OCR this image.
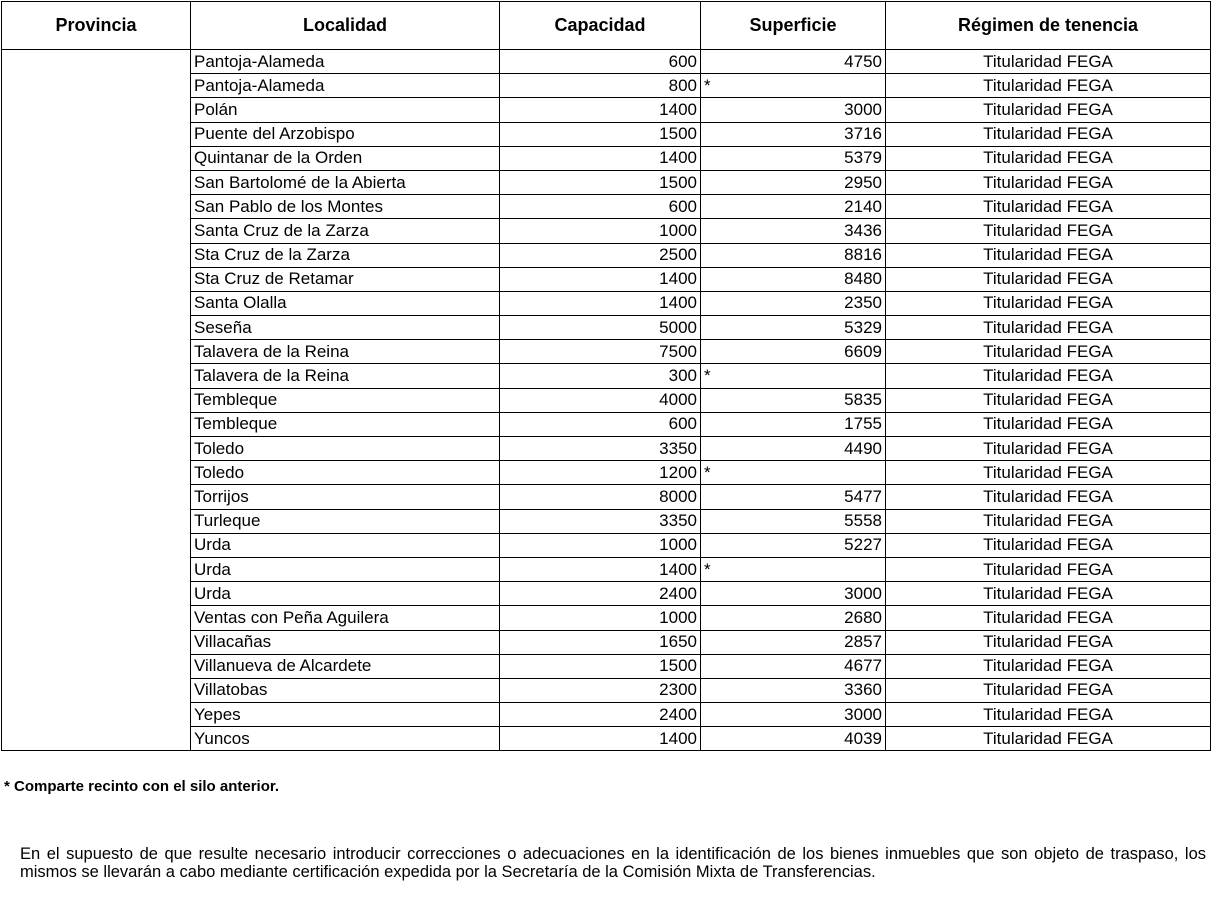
Provincia	Localidad	Capacidad	Superficie	Régimen de tenencia
	Pantoja-Alameda	600	4750	Titularidad FEGA
	Pantoja-Alameda	800	*	Titularidad FEGA
	Polán	1400	3000	Titularidad FEGA
	Puente del Arzobispo	1500	3716	Titularidad FEGA
	Quintanar de la Orden	1400	5379	Titularidad FEGA
	San Bartolomé de la Abierta	1500	2950	Titularidad FEGA
	San Pablo de los Montes	600	2140	Titularidad FEGA
	Santa Cruz de la Zarza	1000	3436	Titularidad FEGA
	Sta Cruz de la Zarza	2500	8816	Titularidad FEGA
	Sta Cruz de Retamar	1400	8480	Titularidad FEGA
	Santa Olalla	1400	2350	Titularidad FEGA
	Seseña	5000	5329	Titularidad FEGA
	Talavera de la Reina	7500	6609	Titularidad FEGA
	Talavera de la Reina	300	*	Titularidad FEGA
	Tembleque	4000	5835	Titularidad FEGA
	Tembleque	600	1755	Titularidad FEGA
	Toledo	3350	4490	Titularidad FEGA
	Toledo	1200	*	Titularidad FEGA
	Torrijos	8000	5477	Titularidad FEGA
	Turleque	3350	5558	Titularidad FEGA
	Urda	1000	5227	Titularidad FEGA
	Urda	1400	*	Titularidad FEGA
	Urda	2400	3000	Titularidad FEGA
	Ventas con Peña Aguilera	1000	2680	Titularidad FEGA
	Villacañas	1650	2857	Titularidad FEGA
	Villanueva de Alcardete	1500	4677	Titularidad FEGA
	Villatobas	2300	3360	Titularidad FEGA
	Yepes	2400	3000	Titularidad FEGA
	Yuncos	1400	4039	Titularidad FEGA
* Comparte recinto con el silo anterior.
En el supuesto de que resulte necesario introducir correcciones o adecuaciones en la identificación de los bienes inmuebles que son objeto de traspaso, los mismos se llevarán a cabo mediante certificación expedida por la Secretaría de la Comisión Mixta de Transferencias.
